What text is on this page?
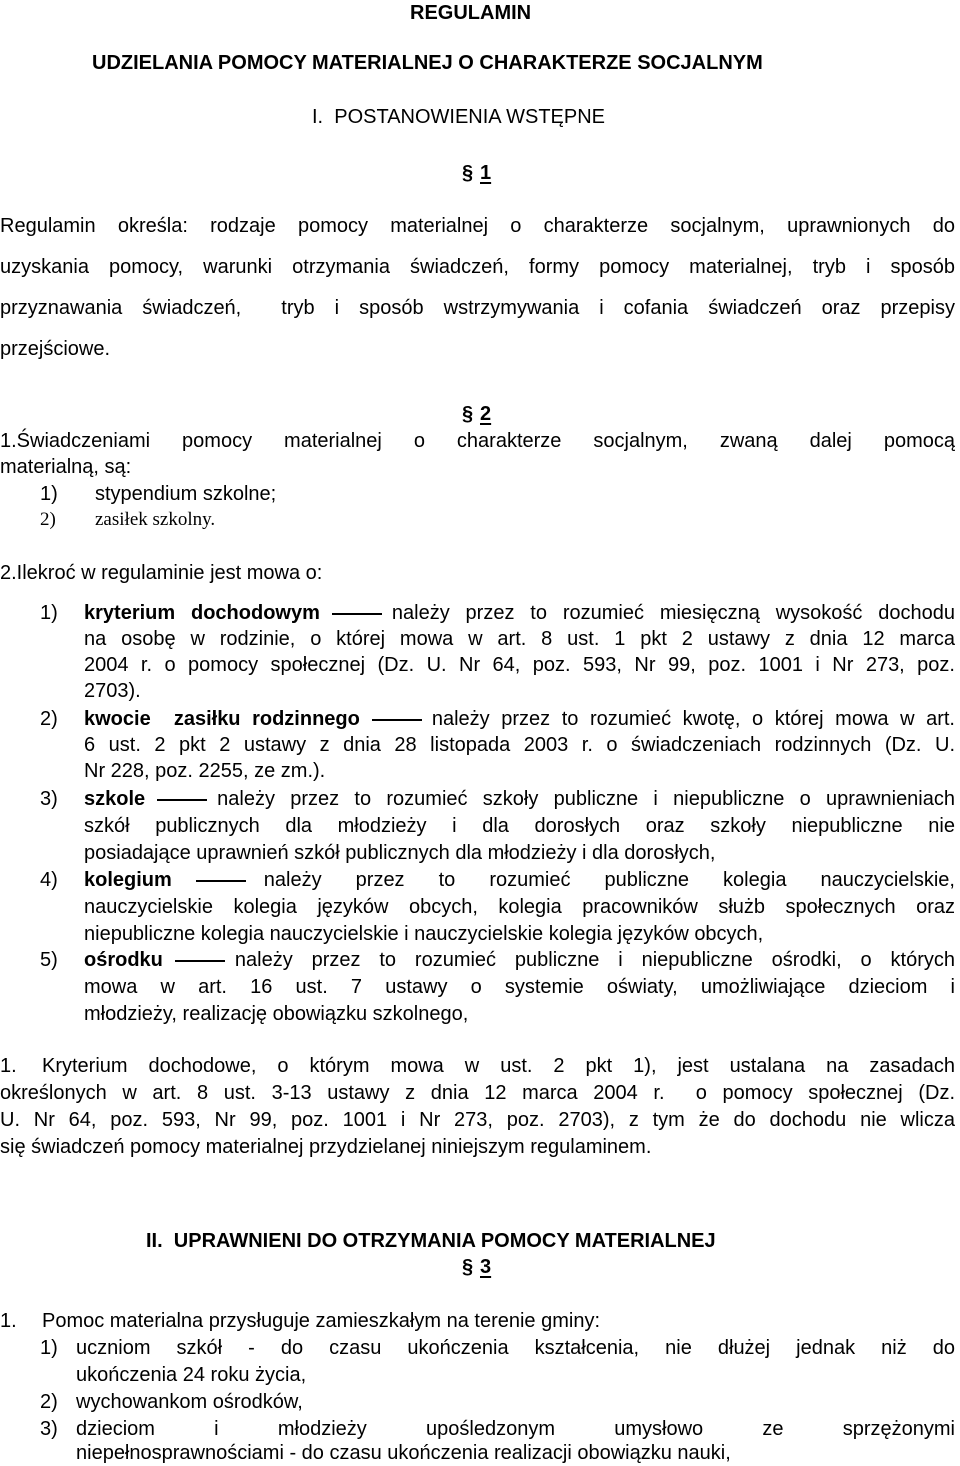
REGULAMIN
UDZIELANIA POMOCY MATERIALNEJ O CHARAKTERZE SOCJALNYM
I.  POSTANOWIENIA WSTĘPNE
§ 1
Regulamin określa: rodzaje pomocy materialnej o charakterze socjalnym, uprawnionych do
uzyskania pomocy, warunki otrzymania świadczeń, formy pomocy materialnej, tryb i sposób
przyznawania świadczeń,  tryb i sposób wstrzymywania i cofania świadczeń oraz przepisy
przejściowe.
§ 2
1.Świadczeniami pomocy materialnej o charakterze socjalnym, zwaną dalej pomocą
materialną, są:
1) stypendium szkolne;
2) zasiłek szkolny.
2.Ilekroć w regulaminie jest mowa o:
1) kryterium dochodowym	należy przez to rozumieć miesięczną wysokość dochodu
na osobę w rodzinie, o której mowa w art. 8 ust. 1 pkt 2 ustawy z dnia 12 marca
2004 r. o pomocy społecznej (Dz. U. Nr 64, poz. 593, Nr 99, poz. 1001 i Nr 273, poz.
2703).
2) kwocie  zasiłku rodzinnego	należy przez to rozumieć kwotę, o której mowa w art.
6 ust. 2 pkt 2 ustawy z dnia 28 listopada 2003 r. o świadczeniach rodzinnych (Dz. U.
Nr 228, poz. 2255, ze zm.).
3) szkole	należy przez to rozumieć szkoły publiczne i niepubliczne o uprawnieniach
szkół publicznych dla młodzieży i dla dorosłych oraz szkoły niepubliczne nie
posiadające uprawnień szkół publicznych dla młodzieży i dla dorosłych,
4) kolegium	należy przez to rozumieć publiczne kolegia nauczycielskie,
nauczycielskie kolegia języków obcych, kolegia pracowników służb społecznych oraz
niepubliczne kolegia nauczycielskie i nauczycielskie kolegia języków obcych,
5) ośrodku	należy przez to rozumieć publiczne i niepubliczne ośrodki, o których
mowa w art. 16 ust. 7 ustawy o systemie oświaty, umożliwiające dzieciom i
młodzieży, realizację obowiązku szkolnego,
1. Kryterium dochodowe, o którym mowa w ust. 2 pkt 1), jest ustalana na zasadach
określonych w art. 8 ust. 3-13 ustawy z dnia 12 marca 2004 r.  o pomocy społecznej (Dz.
U. Nr 64, poz. 593, Nr 99, poz. 1001 i Nr 273, poz. 2703), z tym że do dochodu nie wlicza
się świadczeń pomocy materialnej przydzielanej niniejszym regulaminem.
II.  UPRAWNIENI DO OTRZYMANIA POMOCY MATERIALNEJ
§ 3
1. Pomoc materialna przysługuje zamieszkałym na terenie gminy:
1) uczniom szkół - do czasu ukończenia kształcenia, nie dłużej jednak niż do
ukończenia 24 roku życia,
2) wychowankom ośrodków,
3) dzieciom i młodzieży upośledzonym umysłowo ze sprzężonymi
niepełnosprawnościami - do czasu ukończenia realizacji obowiązku nauki,
